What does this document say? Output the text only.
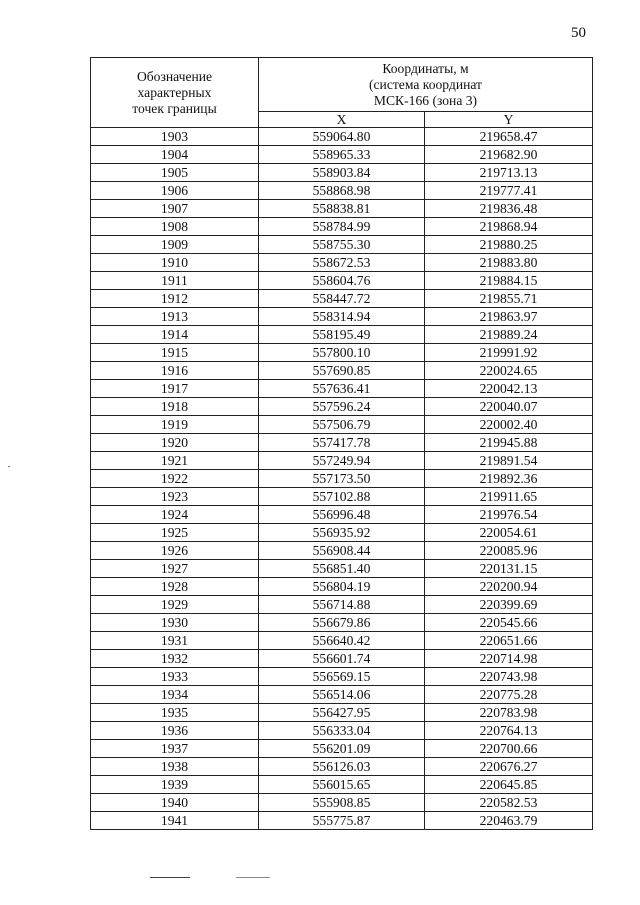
50
Обозначение
характерных
точек границы	Координаты, м
(система координат
МСК-166 (зона 3)	

	X	Y
1903	559064.80	219658.47
1904	558965.33	219682.90
1905	558903.84	219713.13
1906	558868.98	219777.41
1907	558838.81	219836.48
1908	558784.99	219868.94
1909	558755.30	219880.25
1910	558672.53	219883.80
1911	558604.76	219884.15
1912	558447.72	219855.71
1913	558314.94	219863.97
1914	558195.49	219889.24
1915	557800.10	219991.92
1916	557690.85	220024.65
1917	557636.41	220042.13
1918	557596.24	220040.07
1919	557506.79	220002.40
1920	557417.78	219945.88
1921	557249.94	219891.54
1922	557173.50	219892.36
1923	557102.88	219911.65
1924	556996.48	219976.54
1925	556935.92	220054.61
1926	556908.44	220085.96
1927	556851.40	220131.15
1928	556804.19	220200.94
1929	556714.88	220399.69
1930	556679.86	220545.66
1931	556640.42	220651.66
1932	556601.74	220714.98
1933	556569.15	220743.98
1934	556514.06	220775.28
1935	556427.95	220783.98
1936	556333.04	220764.13
1937	556201.09	220700.66
1938	556126.03	220676.27
1939	556015.65	220645.85
1940	555908.85	220582.53
1941	555775.87	220463.79
